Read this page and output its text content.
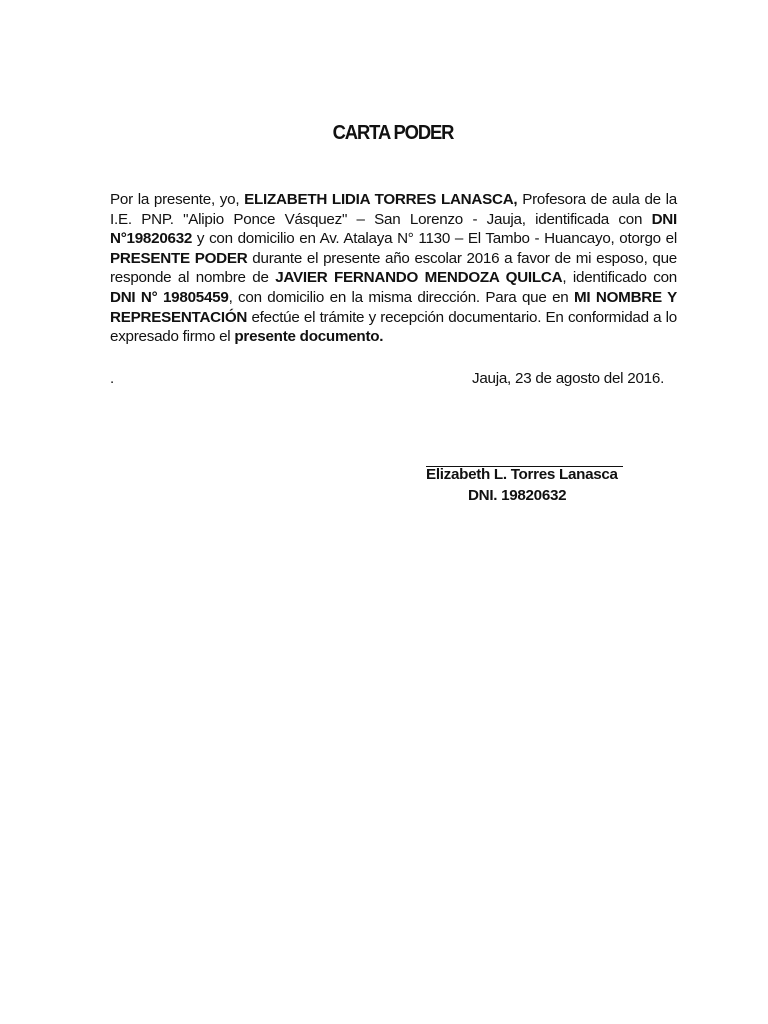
CARTA PODER

Por la presente, yo, ELIZABETH LIDIA TORRES LANASCA, Profesora de aula de la I.E. PNP. "Alipio Ponce Vásquez" – San Lorenzo - Jauja, identificada con DNI N°19820632 y con domicilio en Av. Atalaya N° 1130 – El Tambo - Huancayo, otorgo el PRESENTE PODER durante el presente año escolar 2016 a favor de mi esposo, que responde al nombre de JAVIER FERNANDO MENDOZA QUILCA, identificado con DNI N° 19805459, con domicilio en la misma dirección. Para que en MI NOMBRE Y REPRESENTACIÓN efectúe el trámite y recepción documentario. En conformidad a lo expresado firmo el presente documento.

.	Jauja, 23 de agosto del 2016.
Elizabeth L. Torres Lanasca
DNI. 19820632
